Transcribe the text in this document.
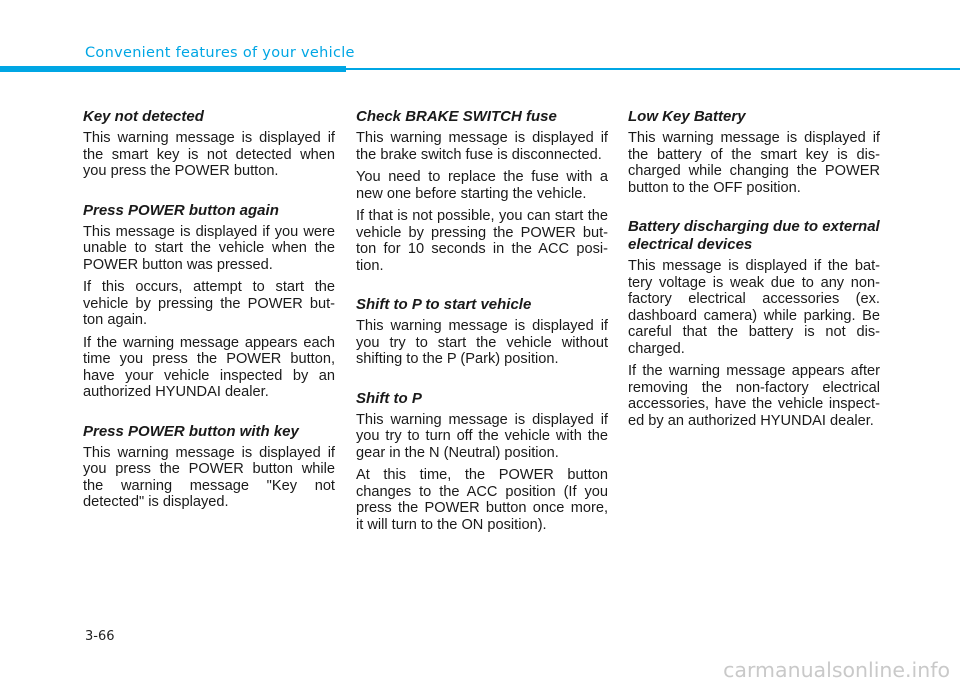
Convenient features of your vehicle
Key not detected

This warning message is displayed if the smart key is not detected when you press the POWER button.

Press POWER button again

This message is displayed if you were unable to start the vehicle when the POWER button was pressed.

If this occurs, attempt to start the vehicle by pressing the POWER button again.

If the warning message appears each time you press the POWER button, have your vehicle inspected by an authorized HYUNDAI dealer.

Press POWER button with key

This warning message is displayed if you press the POWER button while the warning message "Key not detected" is displayed.

Check BRAKE SWITCH fuse

This warning message is displayed if the brake switch fuse is disconnected.

You need to replace the fuse with a new one before starting the vehicle.

If that is not possible, you can start the vehicle by pressing the POWER button for 10 seconds in the ACC position.

Shift to P to start vehicle

This warning message is displayed if you try to start the vehicle without shifting to the P (Park) position.

Shift to P

This warning message is displayed if you try to turn off the vehicle with the gear in the N (Neutral) position.

At this time, the POWER button changes to the ACC position (If you press the POWER button once more, it will turn to the ON position).

Low Key Battery

This warning message is displayed if the battery of the smart key is discharged while changing the POWER button to the OFF position.

Battery discharging due to external electrical devices

This message is displayed if the battery voltage is weak due to any non-factory electrical accessories (ex. dashboard camera) while parking. Be careful that the battery is not discharged.

If the warning message appears after removing the non-factory electrical accessories, have the vehicle inspected by an authorized HYUNDAI dealer.

3-66
carmanualsonline.info
